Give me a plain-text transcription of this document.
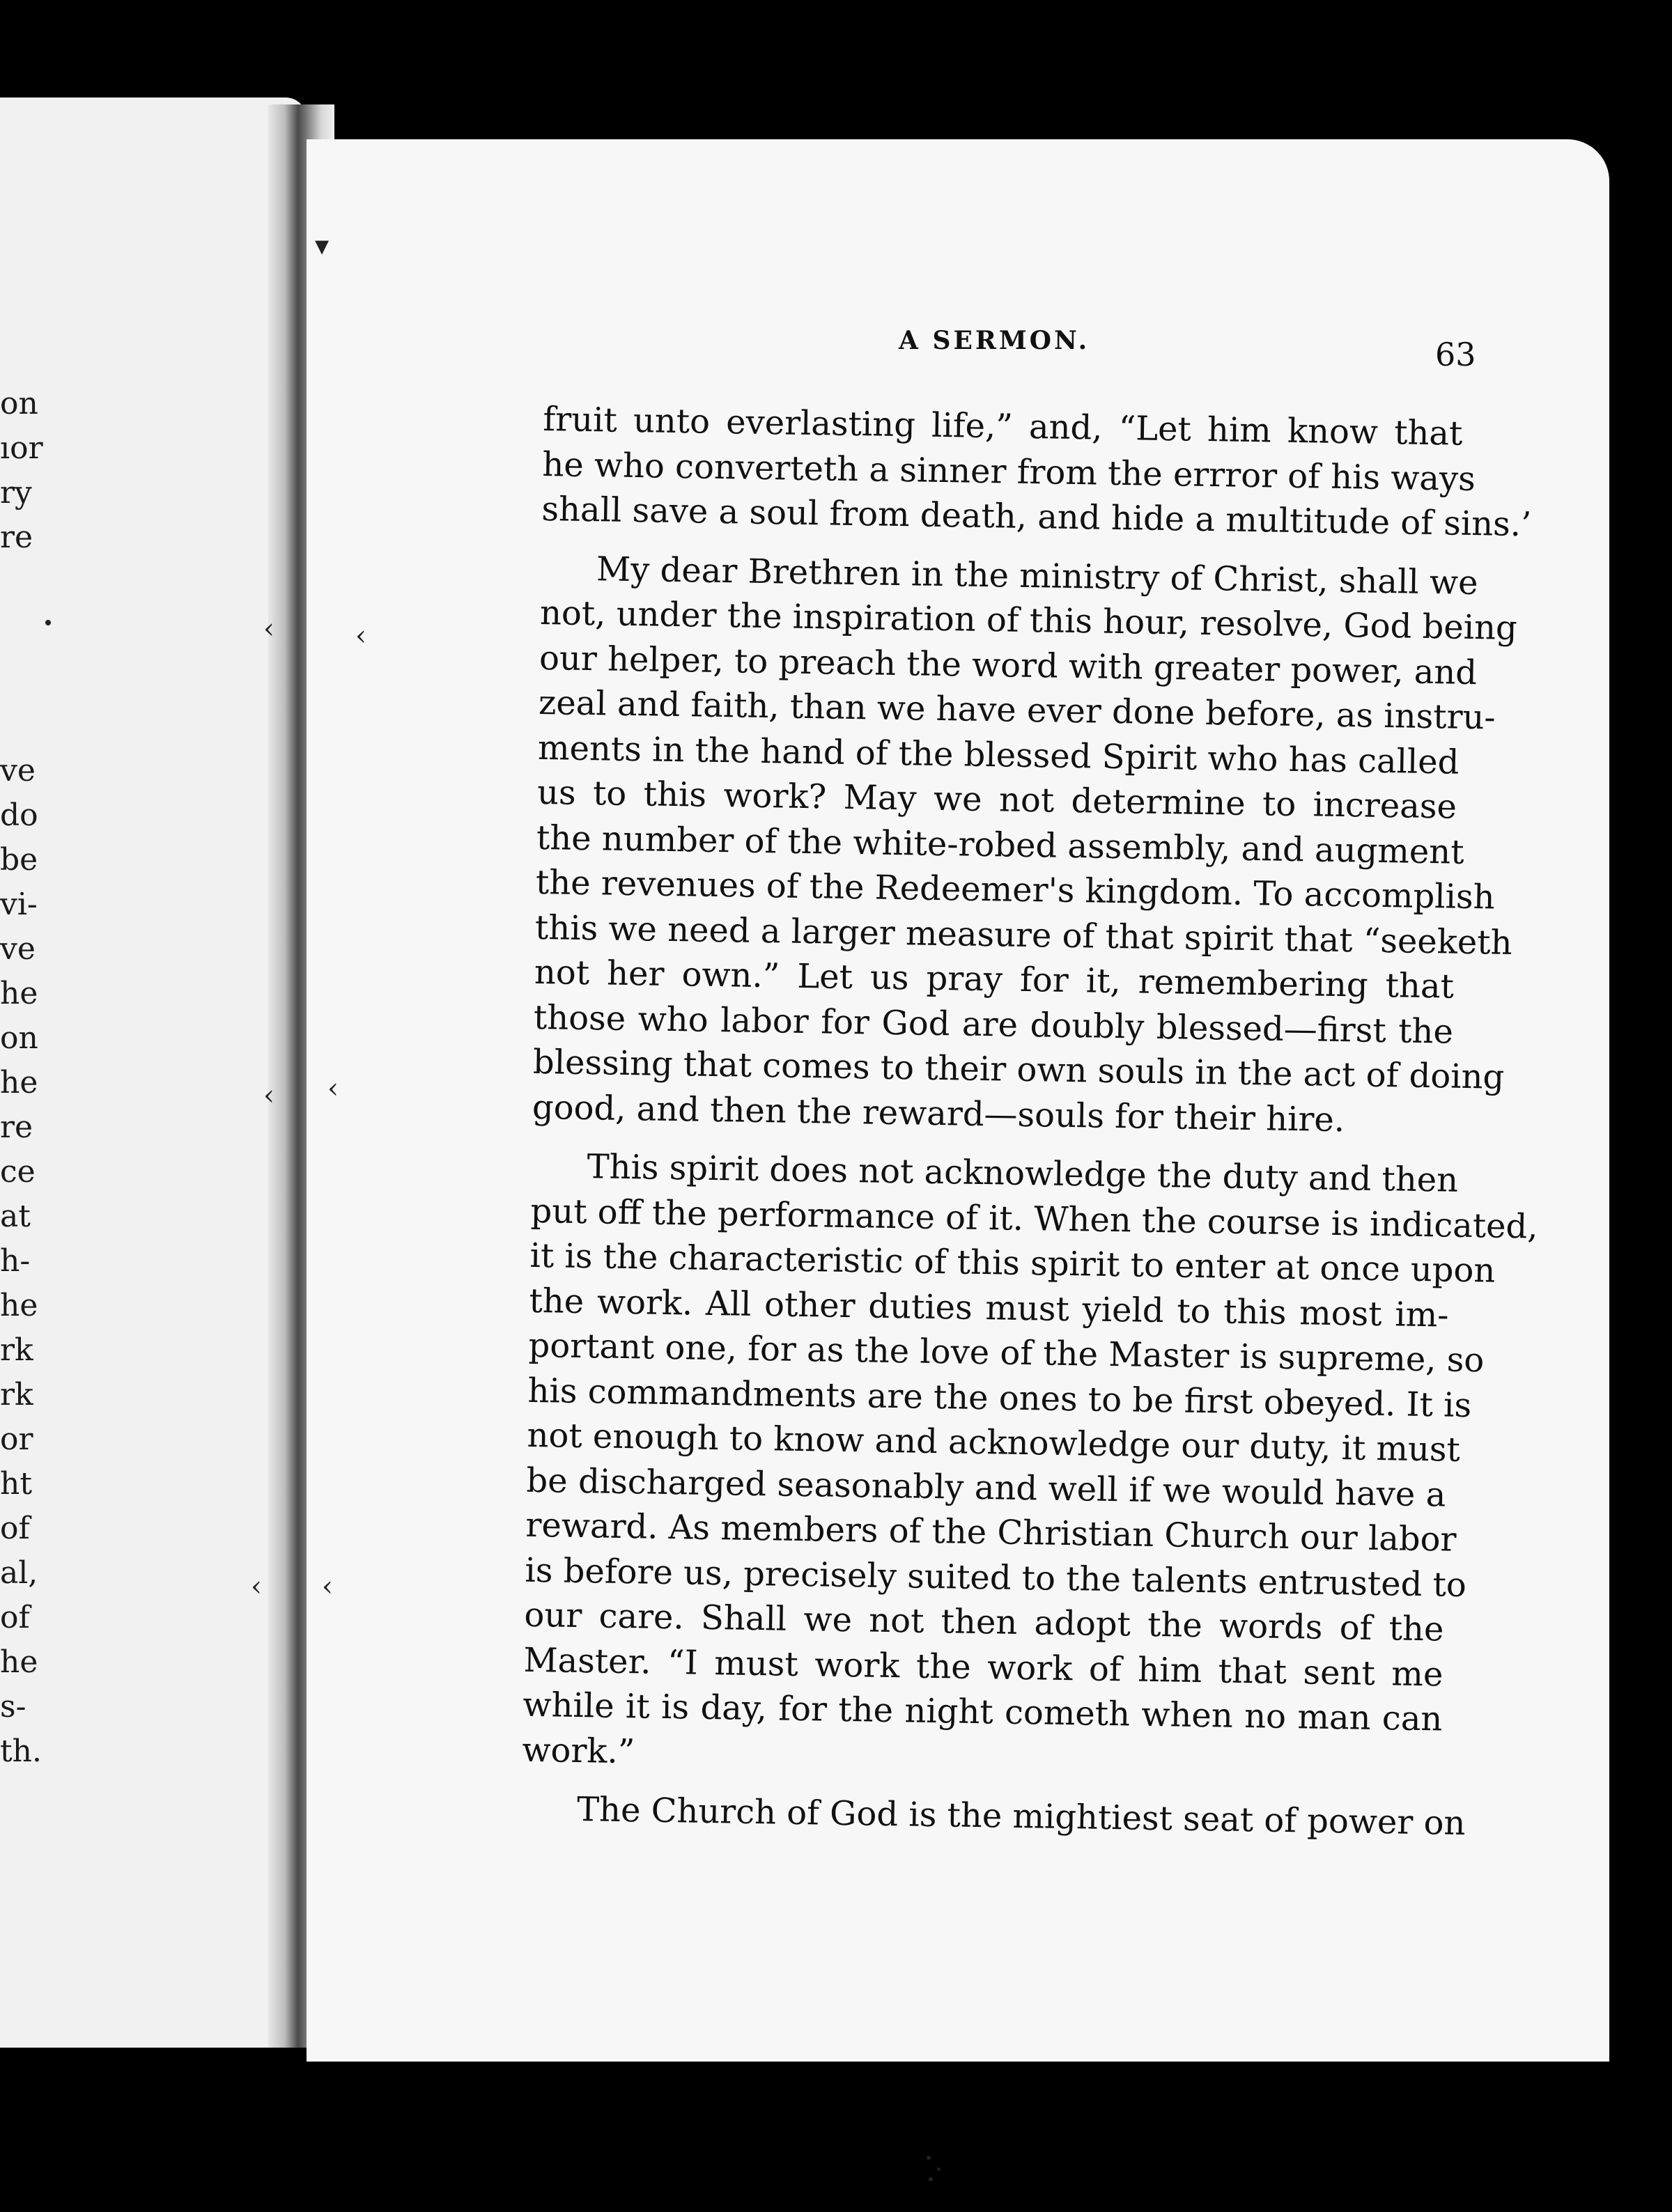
on
ıor
ry
re
ve
do
be
vi-
ve
he
on
he
re
ce
at
h-
he
rk
rk
or
ht
of
al,
of
he
s-
th.
▾
‹	‹
‹ ‹
‹ ‹
A SERMON.	63
fruit unto everlasting life,” and, “Let him know that
he who converteth a sinner from the errror of his ways
shall save a soul from death, and hide a multitude of sins.’
My dear Brethren in the ministry of Christ, shall we
not, under the inspiration of this hour, resolve, God being
our helper, to preach the word with greater power, and
zeal and faith, than we have ever done before, as instru-
ments in the hand of the blessed Spirit who has called
us to this work? May we not determine to increase
the number of the white-robed assembly, and augment
the revenues of the Redeemer's kingdom. To accomplish
this we need a larger measure of that spirit that “seeketh
not her own.” Let us pray for it, remembering that
those who labor for God are doubly blessed—first the
blessing that comes to their own souls in the act of doing
good, and then the reward—souls for their hire.
This spirit does not acknowledge the duty and then
put off the performance of it. When the course is indicated,
it is the characteristic of this spirit to enter at once upon
the work. All other duties must yield to this most im-
portant one, for as the love of the Master is supreme, so
his commandments are the ones to be first obeyed. It is
not enough to know and acknowledge our duty, it must
be discharged seasonably and well if we would have a
reward. As members of the Christian Church our labor
is before us, precisely suited to the talents entrusted to
our care. Shall we not then adopt the words of the
Master. “I must work the work of him that sent me
while it is day, for the night cometh when no man can
work.”
The Church of God is the mightiest seat of power on
